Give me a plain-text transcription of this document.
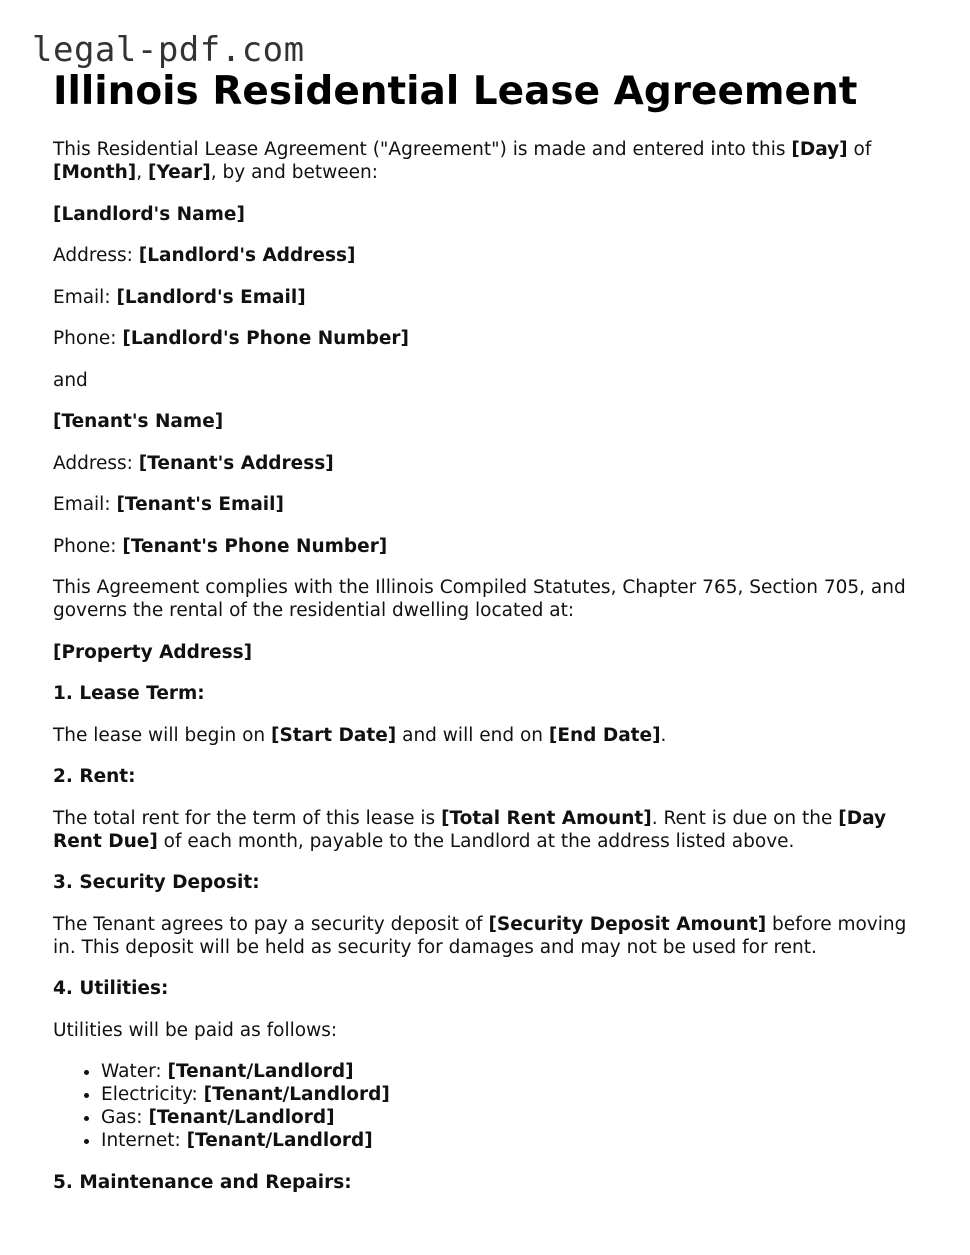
legal-pdf.com
Illinois Residential Lease Agreement

This Residential Lease Agreement ("Agreement") is made and entered into this [Day] of [Month], [Year], by and between:

[Landlord's Name]

Address: [Landlord's Address]

Email: [Landlord's Email]

Phone: [Landlord's Phone Number]

and

[Tenant's Name]

Address: [Tenant's Address]

Email: [Tenant's Email]

Phone: [Tenant's Phone Number]

This Agreement complies with the Illinois Compiled Statutes, Chapter 765, Section 705, and governs the rental of the residential dwelling located at:

[Property Address]

1. Lease Term:

The lease will begin on [Start Date] and will end on [End Date].

2. Rent:

The total rent for the term of this lease is [Total Rent Amount]. Rent is due on the [Day Rent Due] of each month, payable to the Landlord at the address listed above.

3. Security Deposit:

The Tenant agrees to pay a security deposit of [Security Deposit Amount] before moving in. This deposit will be held as security for damages and may not be used for rent.

4. Utilities:

Utilities will be paid as follows:

• Water: [Tenant/Landlord]
• Electricity: [Tenant/Landlord]
• Gas: [Tenant/Landlord]
• Internet: [Tenant/Landlord]

5. Maintenance and Repairs:
